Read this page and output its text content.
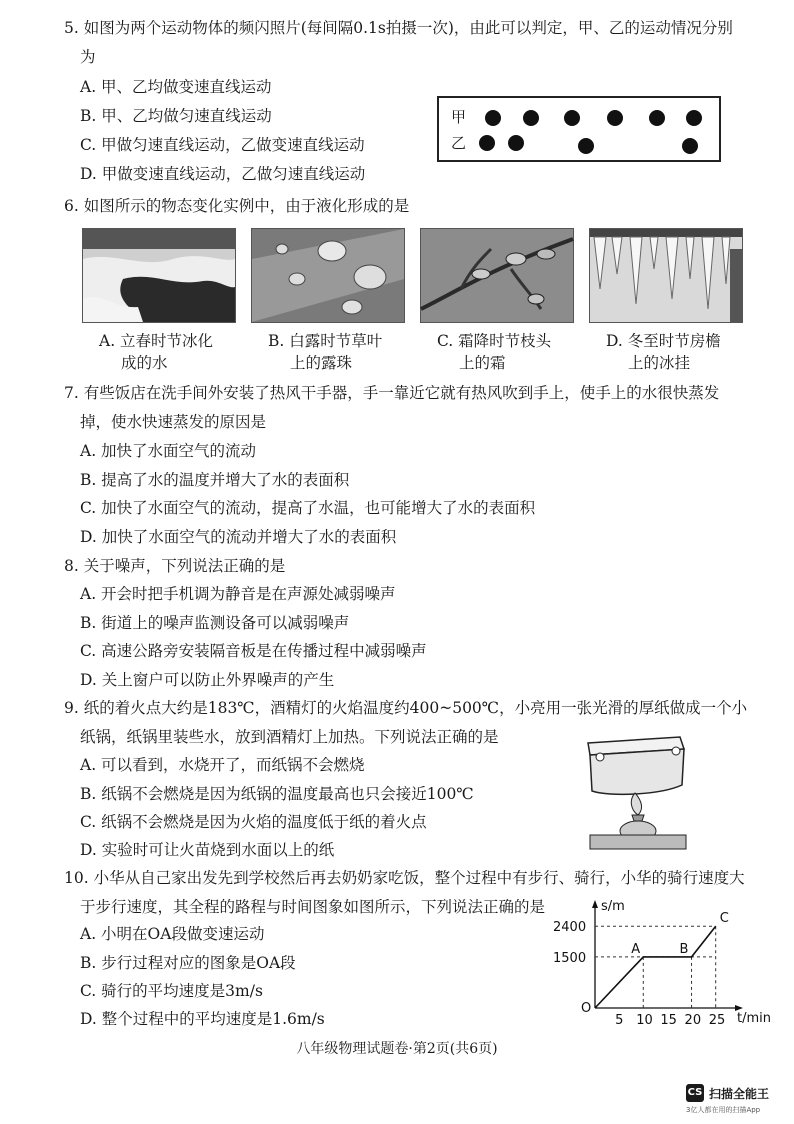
5. 如图为两个运动物体的频闪照片(每间隔0.1s拍摄一次)，由此可以判定，甲、乙的运动情况分别
为
A. 甲、乙均做变速直线运动
B. 甲、乙均做匀速直线运动
C. 甲做匀速直线运动，乙做变速直线运动
D. 甲做变速直线运动，乙做匀速直线运动
甲
乙
6. 如图所示的物态变化实例中，由于液化形成的是
A. 立春时节冰化
成的水
B. 白露时节草叶
上的露珠
C. 霜降时节枝头
上的霜
D. 冬至时节房檐
上的冰挂
7. 有些饭店在洗手间外安装了热风干手器，手一靠近它就有热风吹到手上，使手上的水很快蒸发
掉，使水快速蒸发的原因是
A. 加快了水面空气的流动
B. 提高了水的温度并增大了水的表面积
C. 加快了水面空气的流动，提高了水温，也可能增大了水的表面积
D. 加快了水面空气的流动并增大了水的表面积
8. 关于噪声，下列说法正确的是
A. 开会时把手机调为静音是在声源处减弱噪声
B. 街道上的噪声监测设备可以减弱噪声
C. 高速公路旁安装隔音板是在传播过程中减弱噪声
D. 关上窗户可以防止外界噪声的产生
9. 纸的着火点大约是183℃，酒精灯的火焰温度约400~500℃，小亮用一张光滑的厚纸做成一个小
纸锅，纸锅里装些水，放到酒精灯上加热。下列说法正确的是
A. 可以看到，水烧开了，而纸锅不会燃烧
B. 纸锅不会燃烧是因为纸锅的温度最高也只会接近100℃
C. 纸锅不会燃烧是因为火焰的温度低于纸的着火点
D. 实验时可让火苗烧到水面以上的纸
10. 小华从自己家出发先到学校然后再去奶奶家吃饭，整个过程中有步行、骑行，小华的骑行速度大
于步行速度，其全程的路程与时间图象如图所示，下列说法正确的是
A. 小明在OA段做变速运动
B. 步行过程对应的图象是OA段
C. 骑行的平均速度是3m/s
D. 整个过程中的平均速度是1.6m/s
s/m
t/min
O
5 10 15 20 25
1500
2400
A	B
C
八年级物理试题卷·第2页(共6页)
CS 扫描全能王
3亿人都在用的扫描App
